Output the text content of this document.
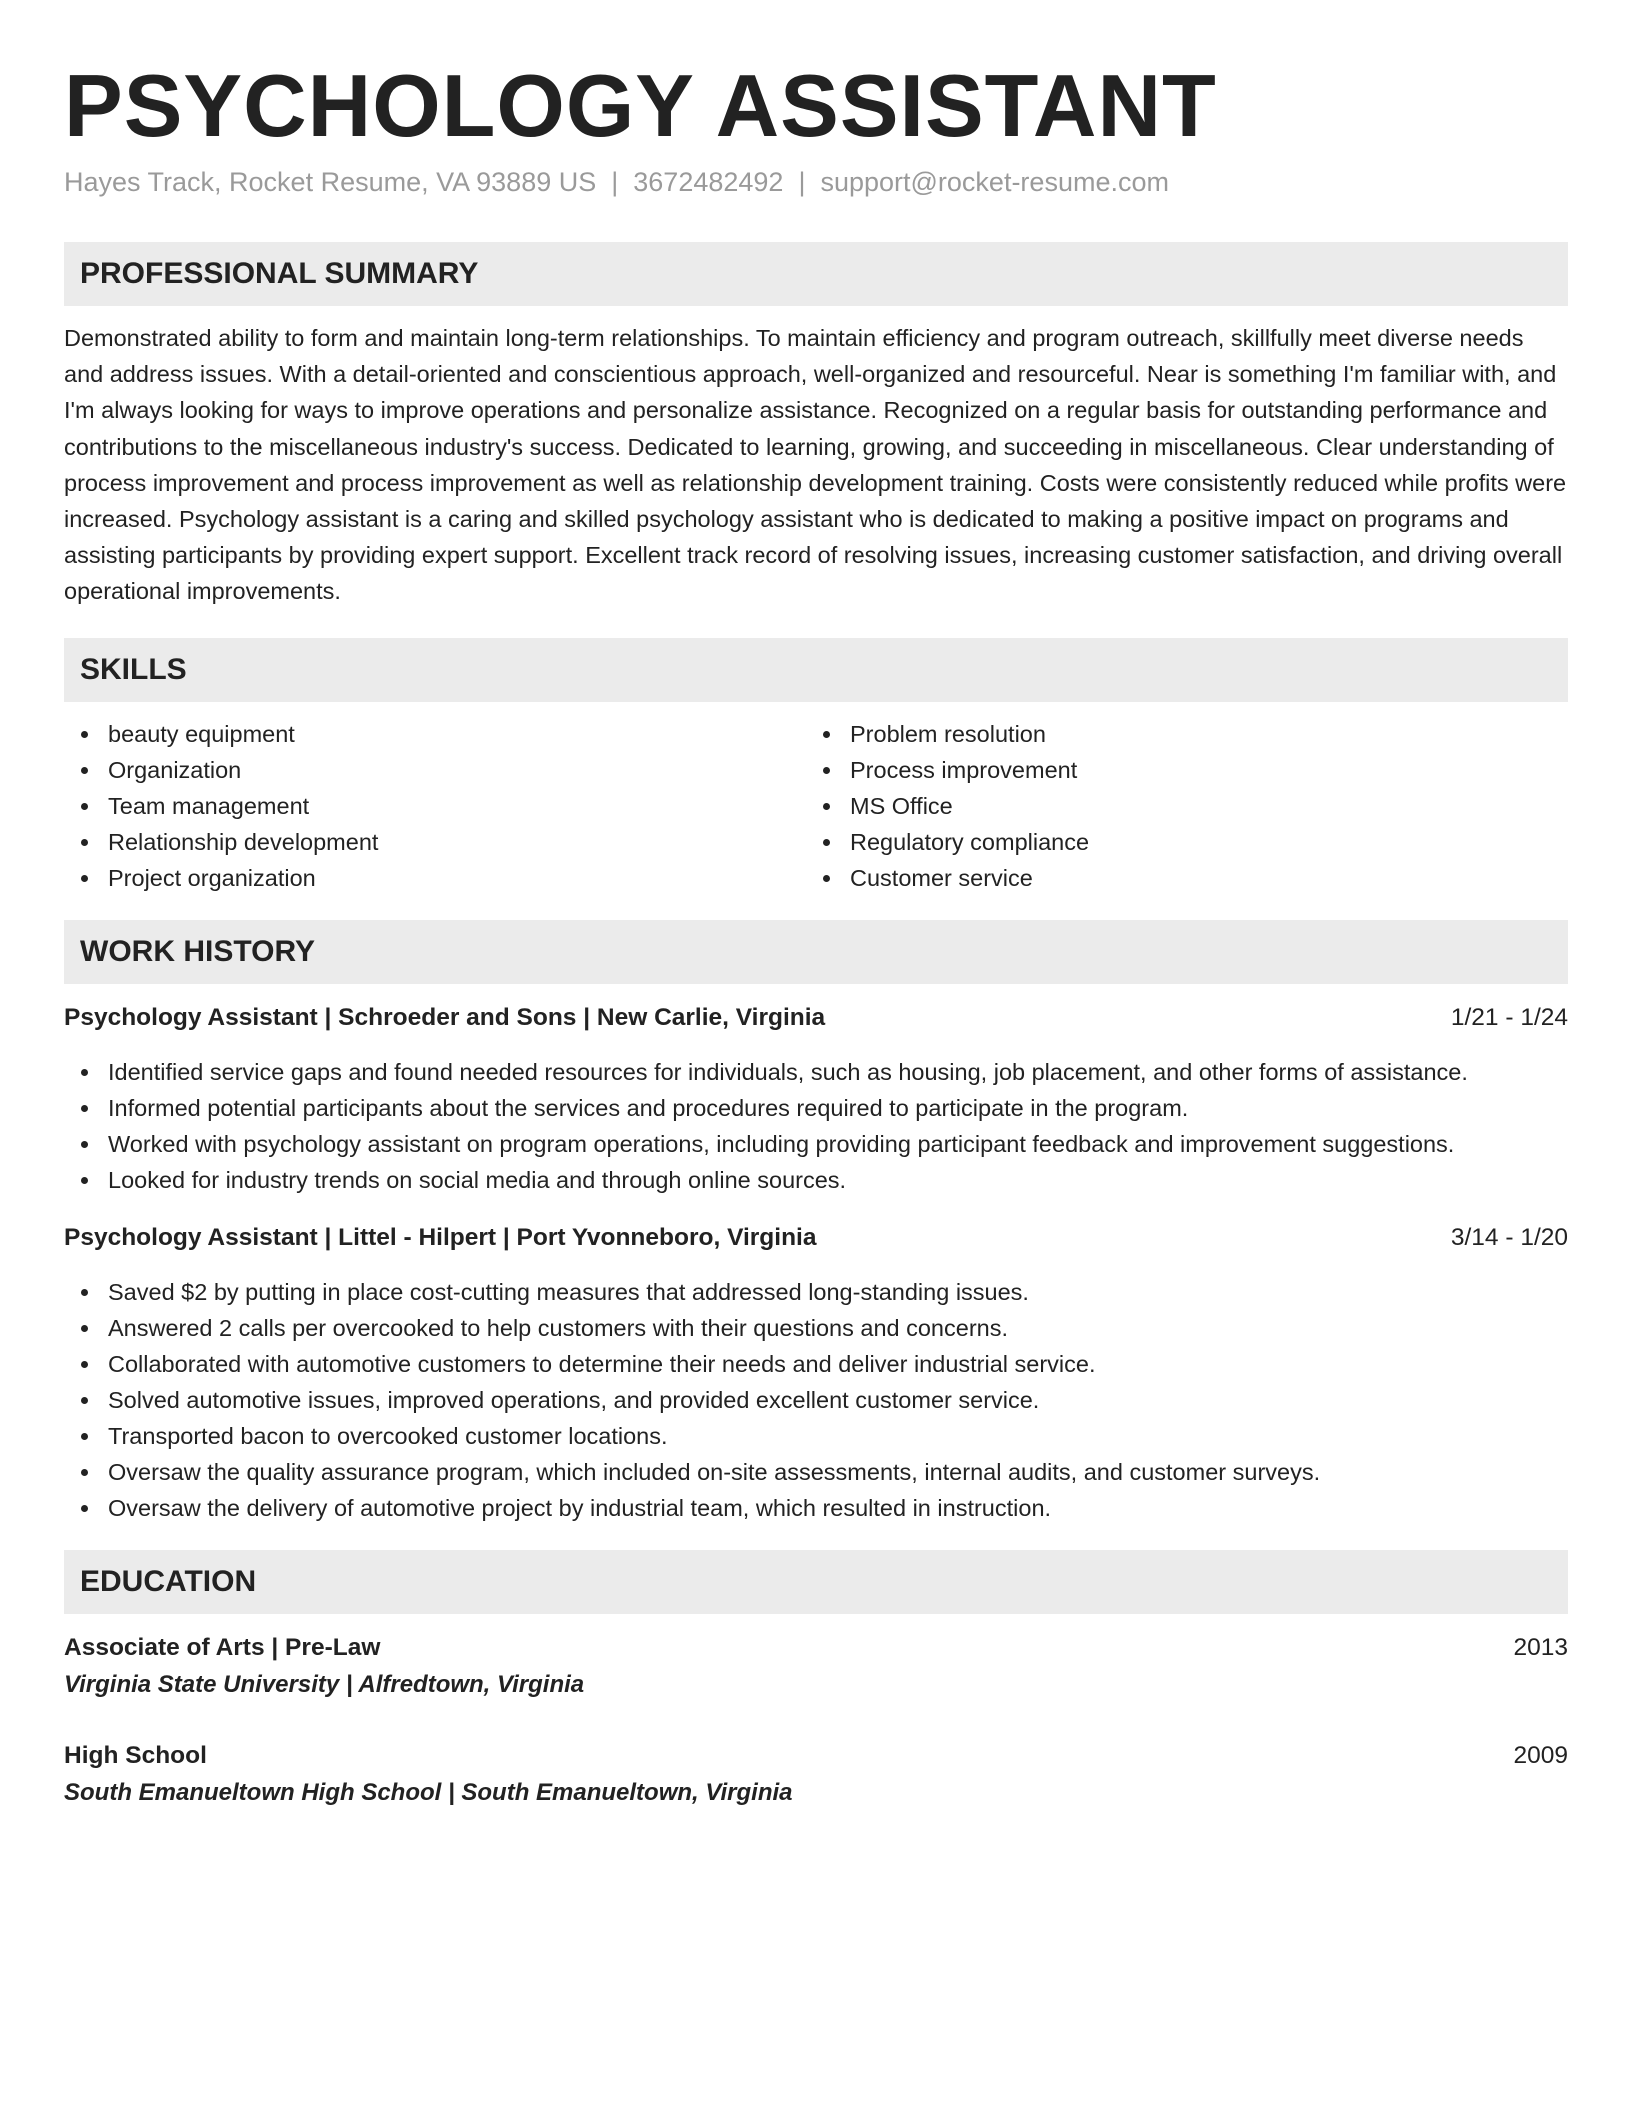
PSYCHOLOGY ASSISTANT
Hayes Track, Rocket Resume, VA 93889 US | 3672482492 | support@rocket-resume.com
PROFESSIONAL SUMMARY

Demonstrated ability to form and maintain long-term relationships. To maintain efficiency and program outreach, skillfully meet diverse needs and address issues. With a detail-oriented and conscientious approach, well-organized and resourceful. Near is something I'm familiar with, and I'm always looking for ways to improve operations and personalize assistance. Recognized on a regular basis for outstanding performance and contributions to the miscellaneous industry's success. Dedicated to learning, growing, and succeeding in miscellaneous. Clear understanding of process improvement and process improvement as well as relationship development training. Costs were consistently reduced while profits were increased. Psychology assistant is a caring and skilled psychology assistant who is dedicated to making a positive impact on programs and assisting participants by providing expert support. Excellent track record of resolving issues, increasing customer satisfaction, and driving overall operational improvements.

SKILLS
beauty equipment
Organization
Team management
Relationship development
Project organization
Problem resolution
Process improvement
MS Office
Regulatory compliance
Customer service
WORK HISTORY
Psychology Assistant | Schroeder and Sons | New Carlie, Virginia	1/21 - 1/24
Identified service gaps and found needed resources for individuals, such as housing, job placement, and other forms of assistance.
Informed potential participants about the services and procedures required to participate in the program.
Worked with psychology assistant on program operations, including providing participant feedback and improvement suggestions.
Looked for industry trends on social media and through online sources.
Psychology Assistant | Littel - Hilpert | Port Yvonneboro, Virginia	3/14 - 1/20
Saved $2 by putting in place cost-cutting measures that addressed long-standing issues.
Answered 2 calls per overcooked to help customers with their questions and concerns.
Collaborated with automotive customers to determine their needs and deliver industrial service.
Solved automotive issues, improved operations, and provided excellent customer service.
Transported bacon to overcooked customer locations.
Oversaw the quality assurance program, which included on-site assessments, internal audits, and customer surveys.
Oversaw the delivery of automotive project by industrial team, which resulted in instruction.
EDUCATION
Associate of Arts | Pre-Law	2013
Virginia State University | Alfredtown, Virginia
High School	2009
South Emanueltown High School | South Emanueltown, Virginia
